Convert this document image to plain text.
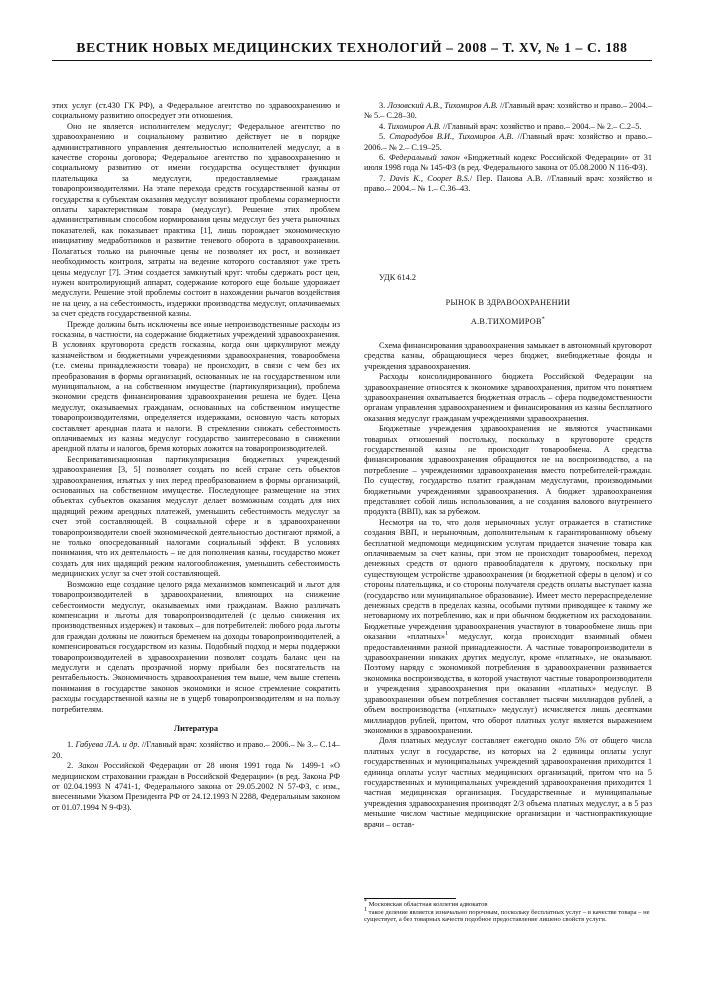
ВЕСТНИК НОВЫХ МЕДИЦИНСКИХ ТЕХНОЛОГИЙ – 2008 – Т. XV, № 1 – С. 188

этих услуг (ст.430 ГК РФ), а Федеральное агентство по здравоохранению и социальному развитию опосредует эти отношения.

Оно не является исполнителем медуслуг; Федеральное агентство по здравоохранению и социальному развитию действует не в порядке административного управления деятельностью исполнителей медуслуг, а в качестве стороны договора; Федеральное агентство по здравоохранению и социальному развитию от имени государства осуществляет функции плательщика за медуслуги, предоставляемые гражданам товаропроизводителями. На этапе перехода средств государственной казны от государства к субъектам оказания медуслуг возникают проблемы соразмерности оплаты характеристикам товара (медуслуг). Решение этих проблем административным способом нормирования цены медуслуг без учета рыночных показателей, как показывает практика [1], лишь порождает экономическую инициативу медработников и развитие теневого оборота в здравоохранении. Полагаться только на рыночные цены не позволяет их рост, и возникает необходимость контроля, затраты на ведение которого составляют уже треть цены медуслуг [7]. Этим создается замкнутый круг: чтобы сдержать рост цен, нужен контролирующий аппарат, содержание которого еще больше удорожает медуслуги. Решение этой проблемы состоит в нахождении рычагов воздействия не на цену, а на себестоимость, издержки производства медуслуг, оплачиваемых за счет средств государственной казны.

Прежде должны быть исключены все иные непроизводственные расходы из госказны, в частности, на содержание бюджетных учреждений здравоохранения. В условиях круговорота средств госказны, когда они циркулируют между казначейством и бюджетными учреждениями здравоохранения, товарообмена (т.е. смены принадлежности товара) не происходит, в связи с чем без их преобразования в формы организаций, основанных не на государственном или муниципальном, а на собственном имуществе (партикуляризации), проблема экономии средств финансирования здравоохранения решена не будет. Цена медуслуг, оказываемых гражданам, основанных на собственном имуществе товаропроизводителями, определяется издержками, основную часть которых составляет арендная плата и налоги. В стремлении снижать себестоимость оплачиваемых из казны медуслуг государство заинтересовано в снижении арендной платы и налогов, бремя которых ложится на товаропроизводителей.

Беспривативизационная партикуляризация бюджетных учреждений здравоохранения [3, 5] позволяет создать по всей стране сеть объектов здравоохранения, изъятых у них перед преобразованием в формы организаций, основанных на собственном имуществе. Последующее размещение на этих объектах субъектов оказания медуслуг делает возможным создать для них щадящий режим арендных платежей, уменьшить себестоимость медуслуг за счет этой составляющей. В социальной сфере и в здравоохранении товаропроизводители своей экономической деятельностью достигают прямой, а не только опосредованный налогами социальный эффект. В условиях понимания, что их деятельность – не для пополнения казны, государство может создать для них щадящий режим налогообложения, уменьшить себестоимость медицинских услуг за счет этой составляющей.

Возможно еще создание целого ряда механизмов компенсаций и льгот для товаропроизводителей в здравоохранении, влияющих на снижение себестоимости медуслуг, оказываемых ими гражданам. Важно различать компенсации и льготы для товаропроизводителей (с целью снижения их производственных издержек) и таковых – для потребителей: любого рода льготы для граждан должны не ложиться бременем на доходы товаропроизводителей, а компенсироваться государством из казны. Подобный подход и меры поддержки товаропроизводителей в здравоохранении позволят создать баланс цен на медуслуги и сделать прозрачной норму прибыли без посягательств на рентабельность. Экономичность здравоохранения тем выше, чем выше степень понимания в государстве законов экономики и ясное стремление сократить расходы государственной казны не в ущерб товаропроизводителям и на пользу потребителям.

Литература

1. Габуева Л.А. и др. //Главный врач: хозяйство и право.– 2006.– № 3.– С.14–20.

2. Закон Российской Федерации от 28 июня 1991 года № 1499-1 «О медицинском страховании граждан в Российской Федерации» (в ред. Закона РФ от 02.04.1993 N 4741-1, Федерального закона от 29.05.2002 N 57-ФЗ, с изм., внесенными Указом Президента РФ от 24.12.1993 N 2288, Федеральным законом от 01.07.1994 N 9-ФЗ).

3. Лозовский А.В., Тихомиров А.В. //Главный врач: хозяйство и право.– 2004.– № 5.– С.28–30.

4. Тихомиров А.В. //Главный врач: хозяйство и право.– 2004.– № 2.– С.2–5.

5. Стародубов В.И., Тихомиров А.В. //Главный врач: хозяйство и право.– 2006.– № 2.– С.19–25.

6. Федеральный закон «Бюджетный кодекс Российской Федерации» от 31 июля 1998 года № 145-ФЗ (в ред. Федерального закона от 05.08.2000 N 116-ФЗ).

7. Davis K., Cooper B.S./ Пер. Панова А.В. //Главный врач: хозяйство и право.– 2004.– № 1.– С.36–43.

УДК 614.2

РЫНОК В ЗДРАВООХРАНЕНИИ
А.В.ТИХОМИРОВ*

Схема финансирования здравоохранения замыкает в автономный круговорот средства казны, обращающиеся через бюджет, внебюджетные фонды и учреждения здравоохранения.

Расходы консолидированного бюджета Российской Федерации на здравоохранение относятся к экономике здравоохранения, притом что понятием здравоохранения охватывается бюджетная отрасль – сфера подведомственности органам управления здравоохранением и финансирования из казны бесплатного оказания медуслуг гражданам учреждениями здравоохранения.

Бюджетные учреждения здравоохранения не являются участниками товарных отношений постольку, поскольку в круговороте средств государственной казны не происходит товарообмена. А средства финансирования здравоохранения обращаются не на воспроизводство, а на потребление – учреждениями здравоохранения вместо потребителей-граждан. По существу, государство платит гражданам медуслугами, производимыми бюджетными учреждениями здравоохранения. А бюджет здравоохранения представляет собой лишь использования, а не создания валового внутреннего продукта (ВВП), как за рубежом.

Несмотря на то, что доля нерыночных услуг отражается в статистике создания ВВП, и нерыночным, дополнительным к гарантированному объему бесплатной медпомощи медицинским услугам придается значение товара как оплачиваемым за счет казны, при этом не происходит товарообмен, переход денежных средств от одного правообладателя к другому, поскольку при существующем устройстве здравоохранения (и бюджетной сферы в целом) и со стороны плательщика, и со стороны получателя средств оплаты выступает казна (государство или муниципальное образование). Имеет место перераспределение денежных средств в пределах казны, особыми путями приводящее к такому же нетоварному их потреблению, как и при обычном бюджетном их расходовании. Бюджетные учреждения здравоохранения участвуют в товарообмене лишь при оказании «платных»$^1$ медуслуг, когда происходит взаимный обмен предоставлениями разной принадлежности. А частные товаропроизводители в здравоохранении никаких других медуслуг, кроме «платных», не оказывают. Поэтому наряду с экономикой потребления в здравоохранении развивается экономика воспроизводства, в которой участвуют частные товаропроизводители и учреждения здравоохранения при оказании «платных» медуслуг. В здравоохранении объем потребления составляет тысячи миллиардов рублей, а объем воспроизводства («платных» медуслуг) исчисляется лишь десятками миллиардов рублей, притом, что оборот платных услуг является выражением экономики в здравоохранении.

Доля платных медуслуг составляет ежегодно около 5% от общего числа платных услуг в государстве, из которых на 2 единицы оплаты услуг государственных и муниципальных учреждений здравоохранения приходится 1 единица оплаты услуг частных медицинских организаций, притом что на 5 государственных и муниципальных учреждений здравоохранения приходится 1 частная медицинская организация. Государственные и муниципальные учреждения здравоохранения производят 2/3 объема платных медуслуг, а в 5 раз меньшие числом частные медицинские организации и частнопрактикующие врачи – остав-

* Московская областная коллегия адвокатов
$^1$ такое деление является изначально порочным, поскольку бесплатных услуг – в качестве товара – не существует, а без товарных качеств подобное предоставление лишено свойств услуги.
